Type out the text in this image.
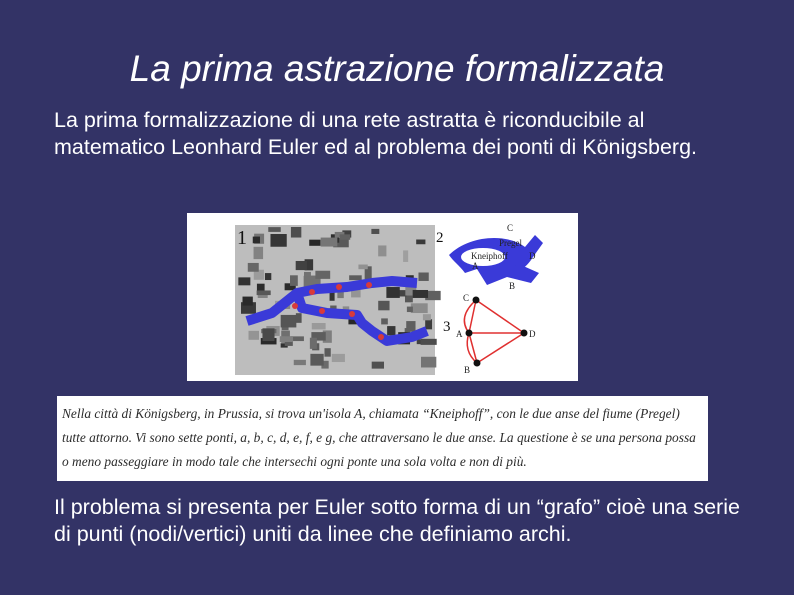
La prima astrazione formalizzata

La prima formalizzazione di una rete astratta è riconducibile al matematico Leonhard Euler ed al problema dei ponti di Königsberg.

1	2
Kneiphoff
Pregel
C
A
D
B
3
C
A	D
B

Nella città di Königsberg, in Prussia, si trova un'isola A, chiamata “Kneiphoff”, con le due anse del fiume (Pregel) tutte attorno. Vi sono sette ponti, a, b, c, d, e, f, e g, che attraversano le due anse. La questione è se una persona possa o meno passeggiare in modo tale che intersechi ogni ponte una sola volta e non di più.

Il problema si presenta per Euler sotto forma di un “grafo” cioè una serie di punti (nodi/vertici) uniti da linee che definiamo archi.
